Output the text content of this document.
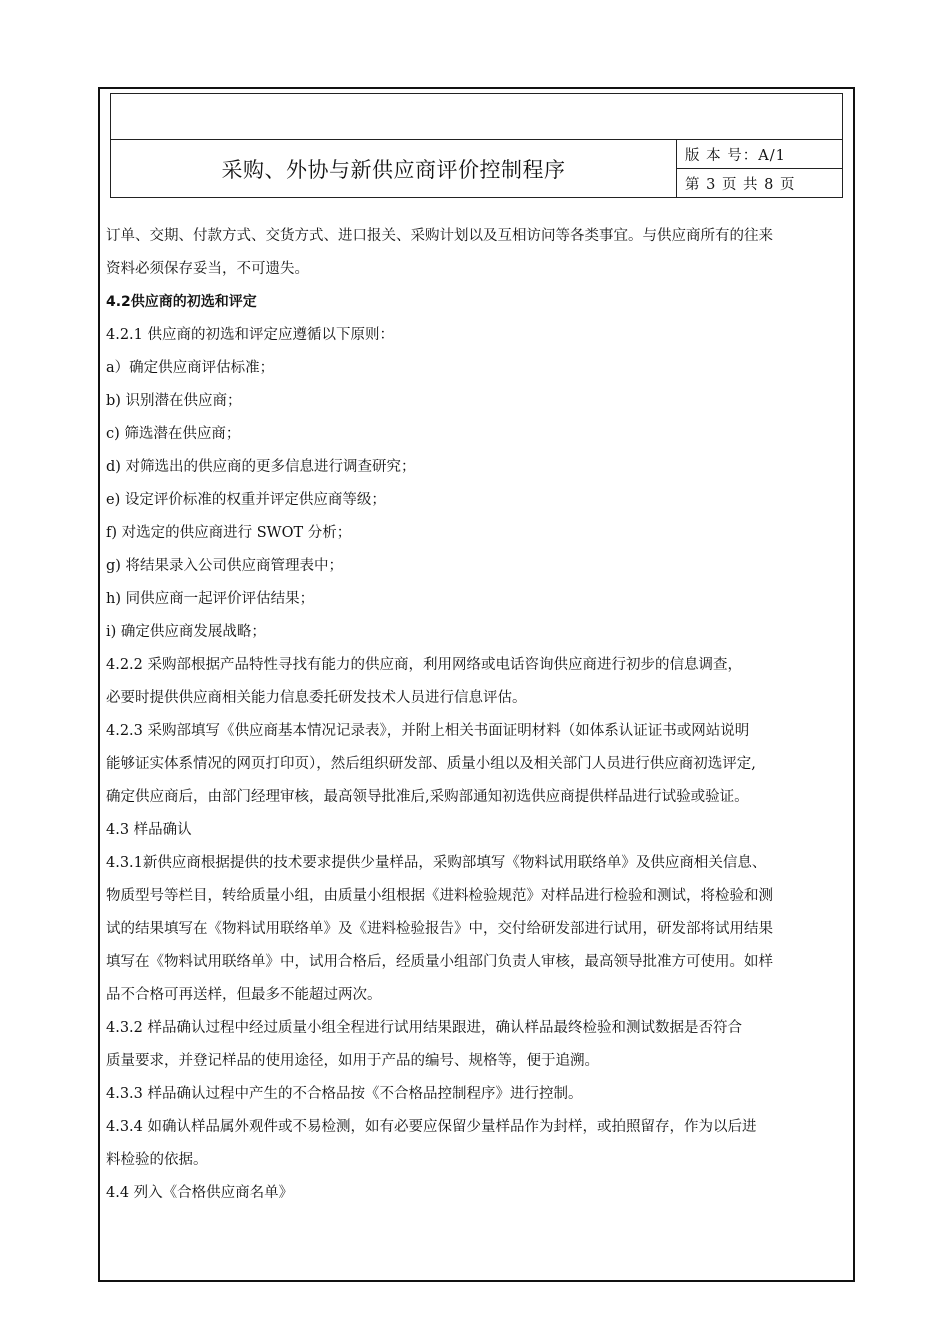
采购、外协与新供应商评价控制程序
版 本 号：A/1
第 3 页 共 8 页

订单、交期、付款方式、交货方式、进口报关、采购计划以及互相访问等各类事宜。与供应商所有的往来

资料必须保存妥当，不可遗失。

4.2供应商的初选和评定

4.2.1 供应商的初选和评定应遵循以下原则：

a）确定供应商评估标准；

b) 识别潜在供应商；

c) 筛选潜在供应商；

d) 对筛选出的供应商的更多信息进行调查研究；

e) 设定评价标准的权重并评定供应商等级；

f) 对选定的供应商进行 SWOT 分析；

g) 将结果录入公司供应商管理表中；

h) 同供应商一起评价评估结果；

i) 确定供应商发展战略；

4.2.2 采购部根据产品特性寻找有能力的供应商，利用网络或电话咨询供应商进行初步的信息调查，

必要时提供供应商相关能力信息委托研发技术人员进行信息评估。

4.2.3 采购部填写《供应商基本情况记录表》，并附上相关书面证明材料（如体系认证证书或网站说明

能够证实体系情况的网页打印页），然后组织研发部、质量小组以及相关部门人员进行供应商初选评定,

确定供应商后，由部门经理审核，最高领导批准后,采购部通知初选供应商提供样品进行试验或验证。

4.3 样品确认

4.3.1新供应商根据提供的技术要求提供少量样品，采购部填写《物料试用联络单》及供应商相关信息、

物质型号等栏目，转给质量小组，由质量小组根据《进料检验规范》对样品进行检验和测试，将检验和测

试的结果填写在《物料试用联络单》及《进料检验报告》中，交付给研发部进行试用，研发部将试用结果

填写在《物料试用联络单》中，试用合格后，经质量小组部门负责人审核，最高领导批准方可使用。如样

品不合格可再送样，但最多不能超过两次。

4.3.2 样品确认过程中经过质量小组全程进行试用结果跟进，确认样品最终检验和测试数据是否符合

质量要求，并登记样品的使用途径，如用于产品的编号、规格等，便于追溯。

4.3.3 样品确认过程中产生的不合格品按《不合格品控制程序》进行控制。

4.3.4 如确认样品属外观件或不易检测，如有必要应保留少量样品作为封样，或拍照留存，作为以后进

料检验的依据。

4.4 列入《合格供应商名单》
